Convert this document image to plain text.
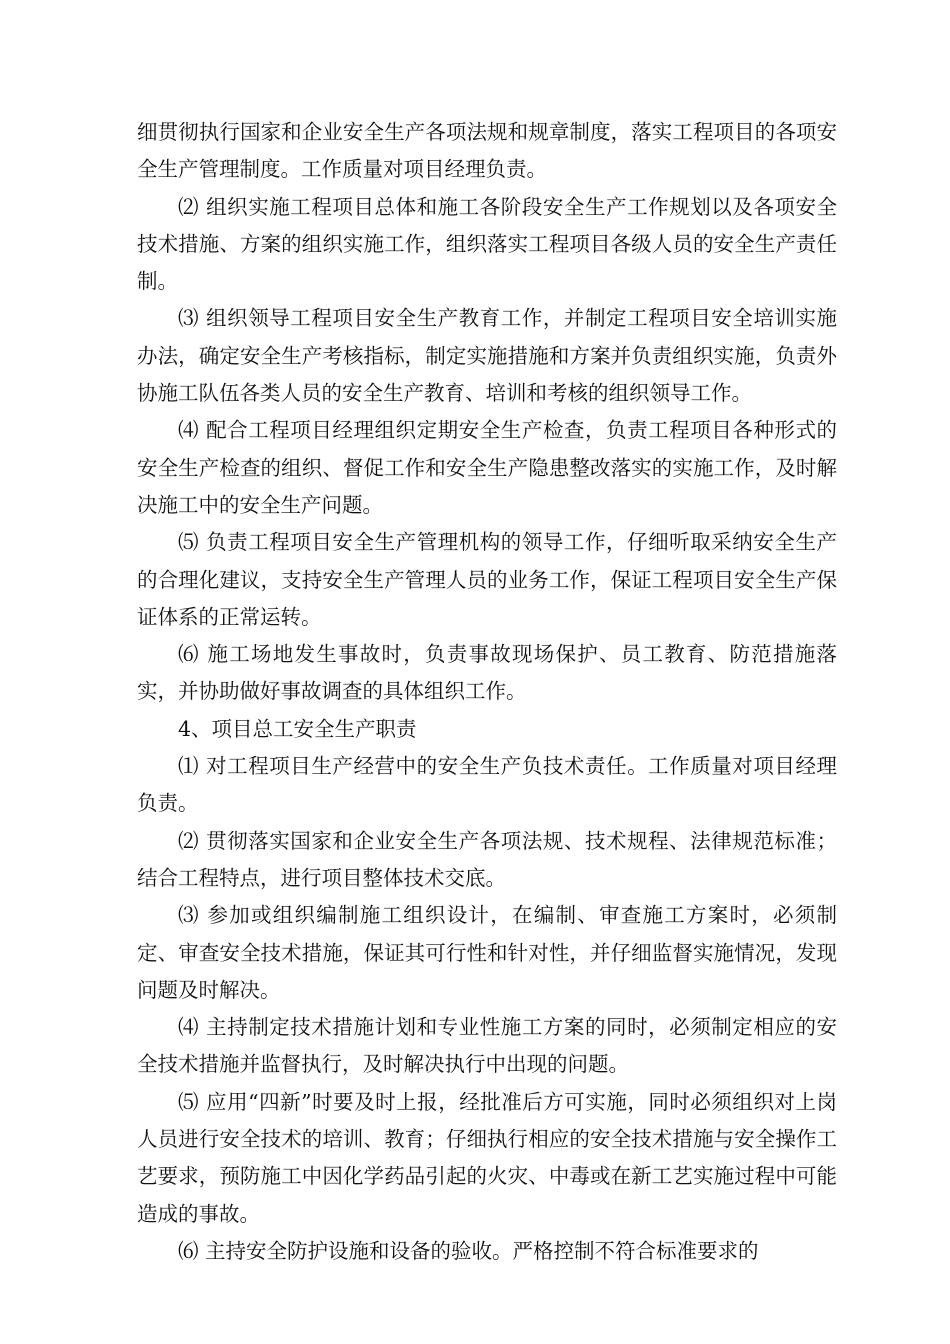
细贯彻执行国家和企业安全生产各项法规和规章制度，落实工程项目的各项安全生产管理制度。工作质量对项目经理负责。

⑵ 组织实施工程项目总体和施工各阶段安全生产工作规划以及各项安全技术措施、方案的组织实施工作，组织落实工程项目各级人员的安全生产责任制。

⑶ 组织领导工程项目安全生产教育工作，并制定工程项目安全培训实施办法，确定安全生产考核指标，制定实施措施和方案并负责组织实施，负责外协施工队伍各类人员的安全生产教育、培训和考核的组织领导工作。

⑷ 配合工程项目经理组织定期安全生产检查，负责工程项目各种形式的安全生产检查的组织、督促工作和安全生产隐患整改落实的实施工作，及时解决施工中的安全生产问题。

⑸ 负责工程项目安全生产管理机构的领导工作，仔细听取采纳安全生产的合理化建议，支持安全生产管理人员的业务工作，保证工程项目安全生产保证体系的正常运转。

⑹ 施工场地发生事故时，负责事故现场保护、员工教育、防范措施落实，并协助做好事故调查的具体组织工作。

4、项目总工安全生产职责

⑴ 对工程项目生产经营中的安全生产负技术责任。工作质量对项目经理负责。

⑵ 贯彻落实国家和企业安全生产各项法规、技术规程、法律规范标准；结合工程特点，进行项目整体技术交底。

⑶ 参加或组织编制施工组织设计，在编制、审查施工方案时，必须制定、审查安全技术措施，保证其可行性和针对性，并仔细监督实施情况，发现问题及时解决。

⑷ 主持制定技术措施计划和专业性施工方案的同时，必须制定相应的安全技术措施并监督执行，及时解决执行中出现的问题。

⑸ 应用“四新”时要及时上报，经批准后方可实施，同时必须组织对上岗人员进行安全技术的培训、教育；仔细执行相应的安全技术措施与安全操作工艺要求，预防施工中因化学药品引起的火灾、中毒或在新工艺实施过程中可能造成的事故。

⑹ 主持安全防护设施和设备的验收。严格控制不符合标准要求的
